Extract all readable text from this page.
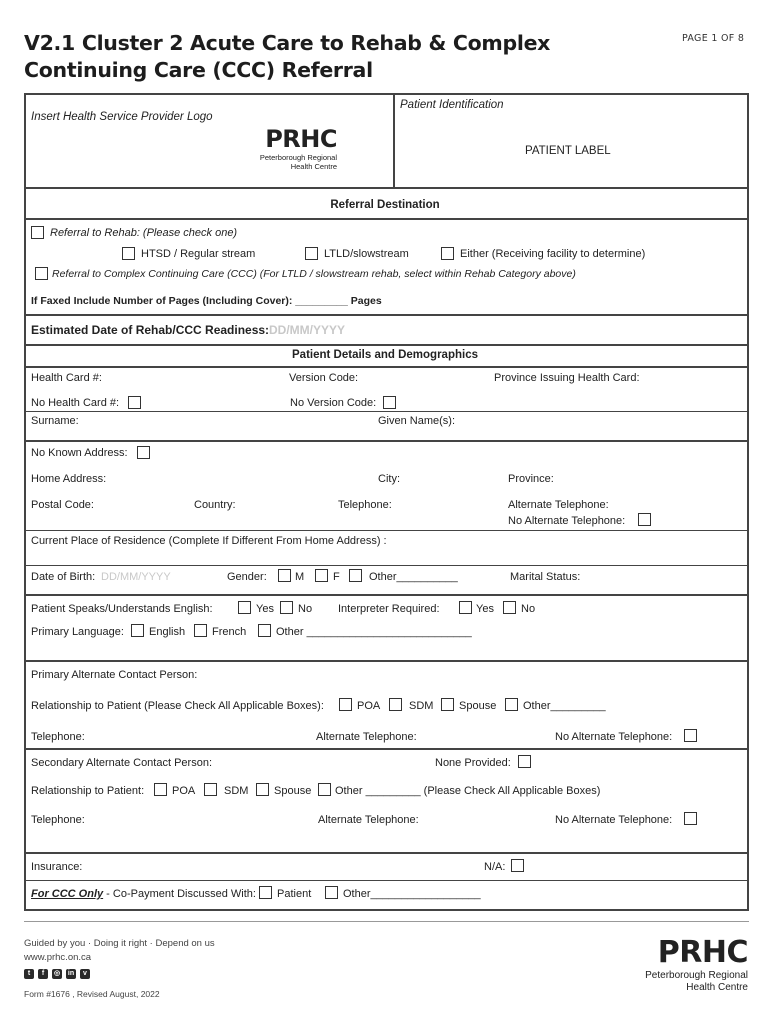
V2.1 Cluster 2 Acute Care to Rehab & Complex
Continuing Care (CCC) Referral
PAGE 1 OF 8
Insert Health Service Provider Logo
Patient Identification
PATIENT LABEL
PRHC
Peterborough Regional
Health Centre
Referral Destination
Referral to Rehab: (Please check one)
HTSD / Regular stream	LTLD/slowstream	Either (Receiving facility to determine)
Referral to Complex Continuing Care (CCC) (For LTLD / slowstream rehab, select within Rehab Category above)
If Faxed Include Number of Pages (Including Cover): _________ Pages
Estimated Date of Rehab/CCC Readiness: DD/MM/YYYY
Patient Details and Demographics
Health Card #:	Version Code:	Province Issuing Health Card:
No Health Card #:	No Version Code:
Surname:	Given Name(s):
No Known Address:
Home Address:	City:	Province:
Postal Code:	Country:	Telephone:	Alternate Telephone:
No Alternate Telephone:
Current Place of Residence (Complete If Different From Home Address) :
Date of Birth: DD/MM/YYYY	Gender:	M	F	Other__________	Marital Status:
Patient Speaks/Understands English:	Yes No Interpreter Required:	Yes No
Primary Language: English French	Other ___________________________
Primary Alternate Contact Person:
Relationship to Patient (Please Check All Applicable Boxes):	POA	SDM Spouse Other_________
Telephone:	Alternate Telephone:	No Alternate Telephone:
Secondary Alternate Contact Person:	None Provided:
Relationship to Patient:	POA	SDM Spouse Other _________ (Please Check All Applicable Boxes)
Telephone:	Alternate Telephone:	No Alternate Telephone:
Insurance:	N/A:
For CCC Only - Co-Payment Discussed With: Patient	Other__________________
Guided by you · Doing it right · Depend on us
www.prhc.on.ca
t	f	◎ in	v
Form #1676 , Revised August, 2022
PRHC
Peterborough Regional
Health Centre
